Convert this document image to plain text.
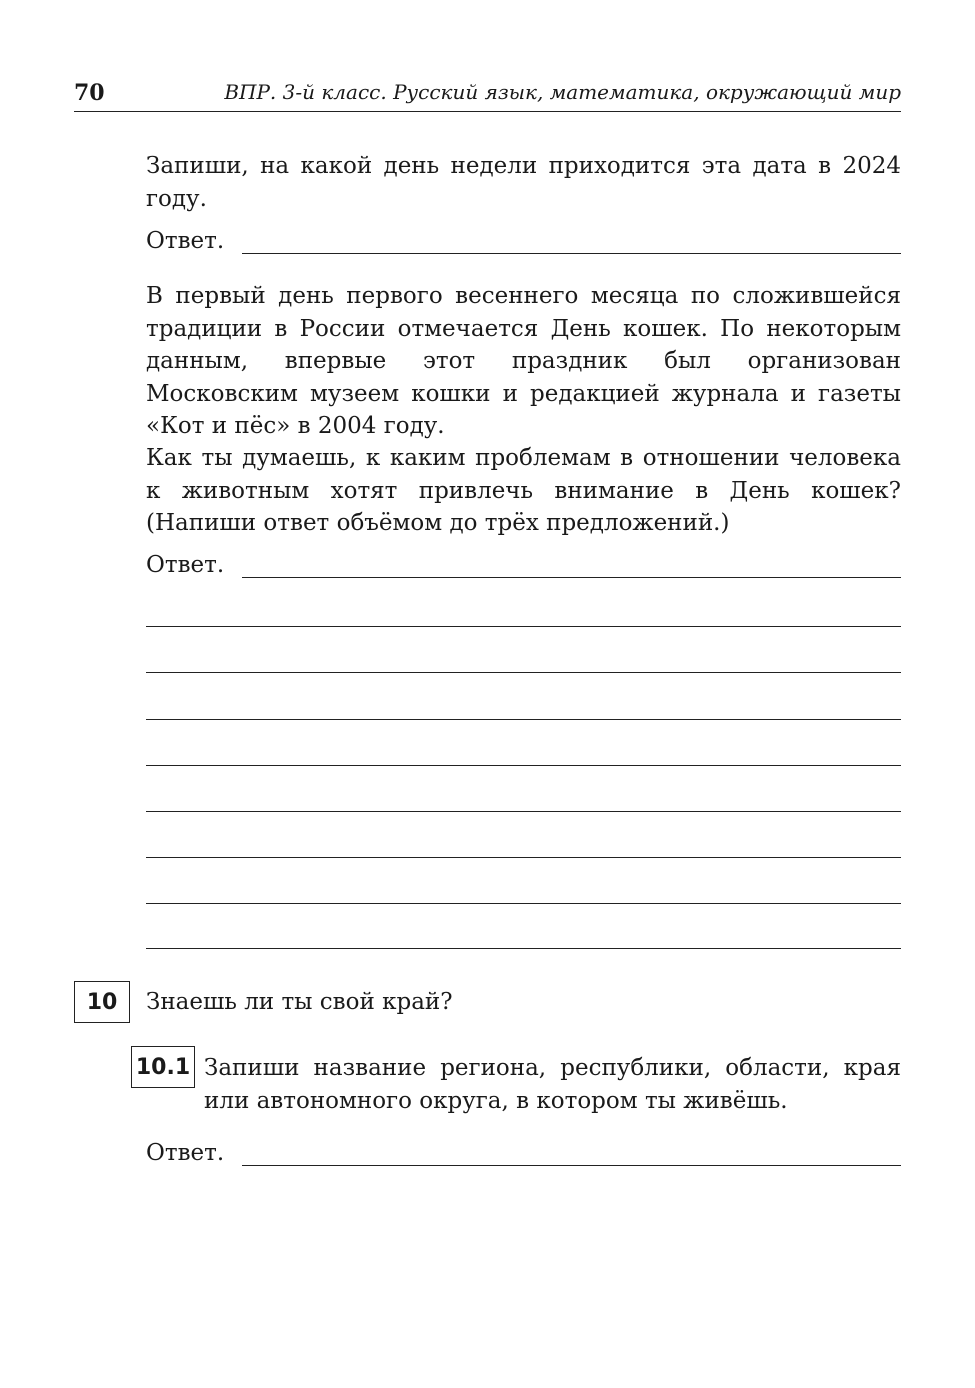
70	ВПР. 3-й класс. Русский язык, математика, окружающий мир
Запиши, на какой день недели приходится эта дата в 2024 году.
Ответ.
В первый день первого весеннего месяца по сложившейся традиции в России отмечается День кошек. По некоторым данным, впервые этот праздник был организован Московским музеем кошки и редакцией журнала и газеты «Кот и пёс» в 2004 году.
Как ты думаешь, к каким проблемам в отношении человека к животным хотят привлечь внимание в День кошек? (Напиши ответ объёмом до трёх предложений.)
Ответ.
10	Знаешь ли ты свой край?
10.1 Запиши название региона, республики, области, края или автономного округа, в котором ты живёшь.
Ответ.
